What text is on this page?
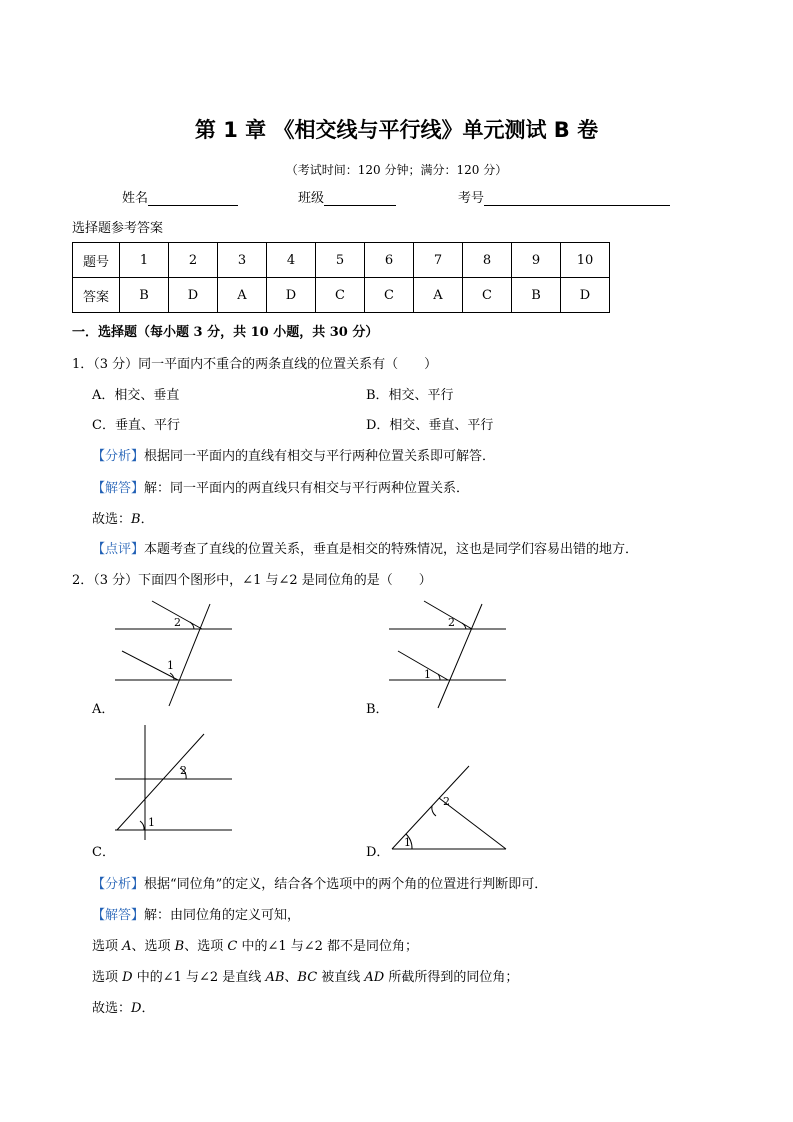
第 1 章 《相交线与平行线》单元测试 B 卷
（考试时间：120 分钟；满分：120 分）
姓名	班级	考号
选择题参考答案
题号	1	2	3	4	5	6	7	8	9	10
答案	B	D	A	D	C	C	A	C	B	D
一．选择题（每小题 3 分，共 10 小题，共 30 分）
1．（3 分）同一平面内不重合的两条直线的位置关系有（　　）
A．相交、垂直	B．相交、平行
C．垂直、平行	D．相交、垂直、平行
【分析】根据同一平面内的直线有相交与平行两种位置关系即可解答．
【解答】解：同一平面内的两直线只有相交与平行两种位置关系．
故选：B．
【点评】本题考查了直线的位置关系，垂直是相交的特殊情况，这也是同学们容易出错的地方．
2．（3 分）下面四个图形中，∠1 与∠2 是同位角的是（　　）
2
1
A．
2
1
B．
2
1
C．
2
1
D．
【分析】根据“同位角”的定义，结合各个选项中的两个角的位置进行判断即可．
【解答】解：由同位角的定义可知，
选项 A、选项 B、选项 C 中的∠1 与∠2 都不是同位角；
选项 D 中的∠1 与∠2 是直线 AB、BC 被直线 AD 所截所得到的同位角；
故选：D．
